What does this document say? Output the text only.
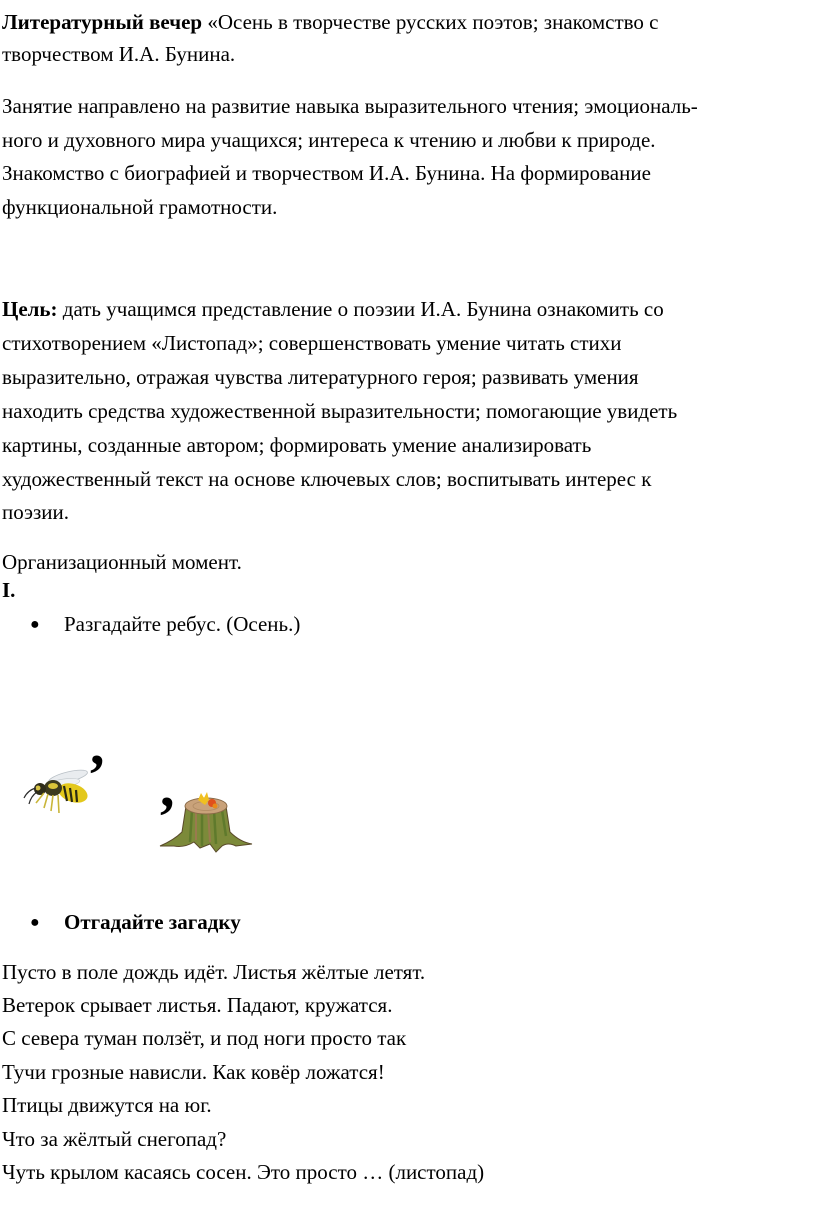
Литературный вечер «Осень в творчестве русских поэтов; знакомство с

творчеством И.А. Бунина.

Занятие направлено на развитие навыка выразительного чтения; эмоциональ-

ного и духовного мира учащихся; интереса к чтению и любви к природе.

Знакомство с биографией и творчеством И.А. Бунина. На формирование

функциональной грамотности.

Цель: дать учащимся представление о поэзии И.А. Бунина ознакомить со

стихотворением «Листопад»; совершенствовать умение читать стихи

выразительно, отражая чувства литературного героя; развивать умения

находить средства художественной выразительности; помогающие увидеть

картины, созданные автором; формировать умение анализировать

художественный текст на основе ключевых слов; воспитывать интерес к

поэзии.

Организационный момент.

I.

● Разгадайте ребус. (Осень.)
,
,
● Отгадайте загадку

Пусто в поле дождь идёт. Листья жёлтые летят.

Ветерок срывает листья. Падают, кружатся.

С севера туман ползёт, и под ноги просто так

Тучи грозные нависли. Как ковёр ложатся!

Птицы движутся на юг.

Что за жёлтый снегопад?

Чуть крылом касаясь сосен. Это просто … (листопад)
